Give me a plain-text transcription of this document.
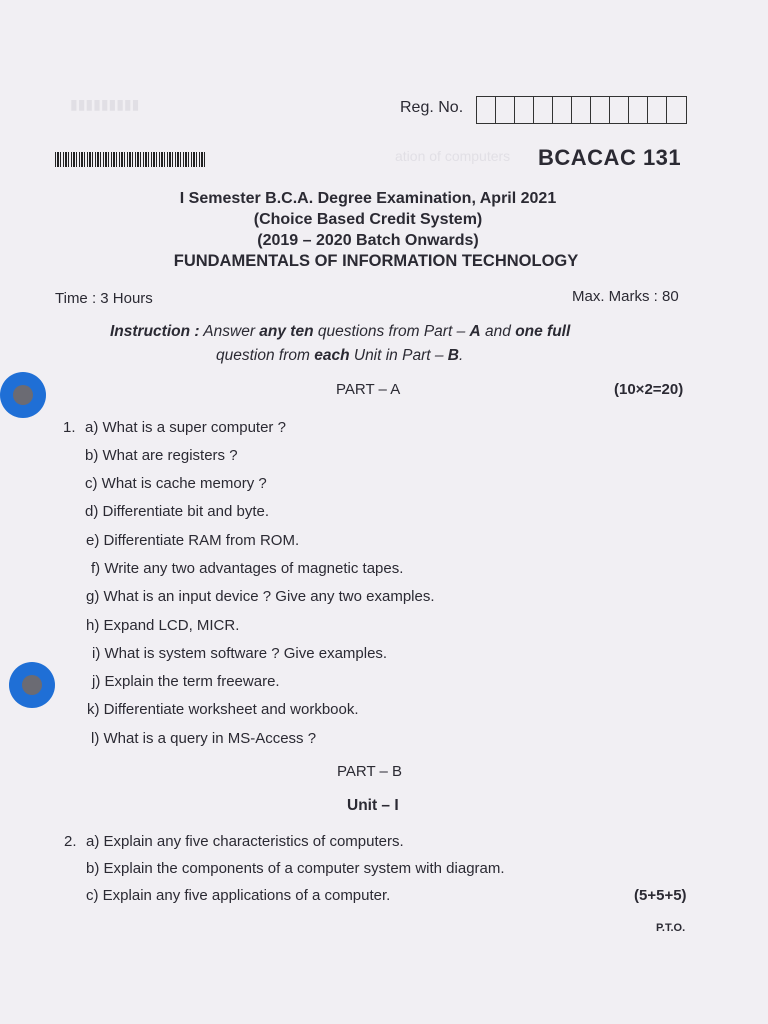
ation of computers
▮▮▮▮▮▮▮▮▮	Reg. No.
BCACAC 131
I Semester B.C.A. Degree Examination, April 2021
(Choice Based Credit System)
(2019 – 2020 Batch Onwards)
FUNDAMENTALS OF INFORMATION TECHNOLOGY
Time : 3 Hours	Max. Marks : 80
Instruction : Answer any ten questions from Part – A and one full
question from each Unit in Part – B.
PART – A	(10×2=20)
1. a) What is a super computer ?
b) What are registers ?
c) What is cache memory ?
d) Differentiate bit and byte.
e) Differentiate RAM from ROM.
f) Write any two advantages of magnetic tapes.
g) What is an input device ? Give any two examples.
h) Expand LCD, MICR.
i) What is system software ? Give examples.
j) Explain the term freeware.
k) Differentiate worksheet and workbook.
l) What is a query in MS-Access ?
PART – B
Unit – I
2. a) Explain any five characteristics of computers.
b) Explain the components of a computer system with diagram.
c) Explain any five applications of a computer.	(5+5+5)
P.T.O.
